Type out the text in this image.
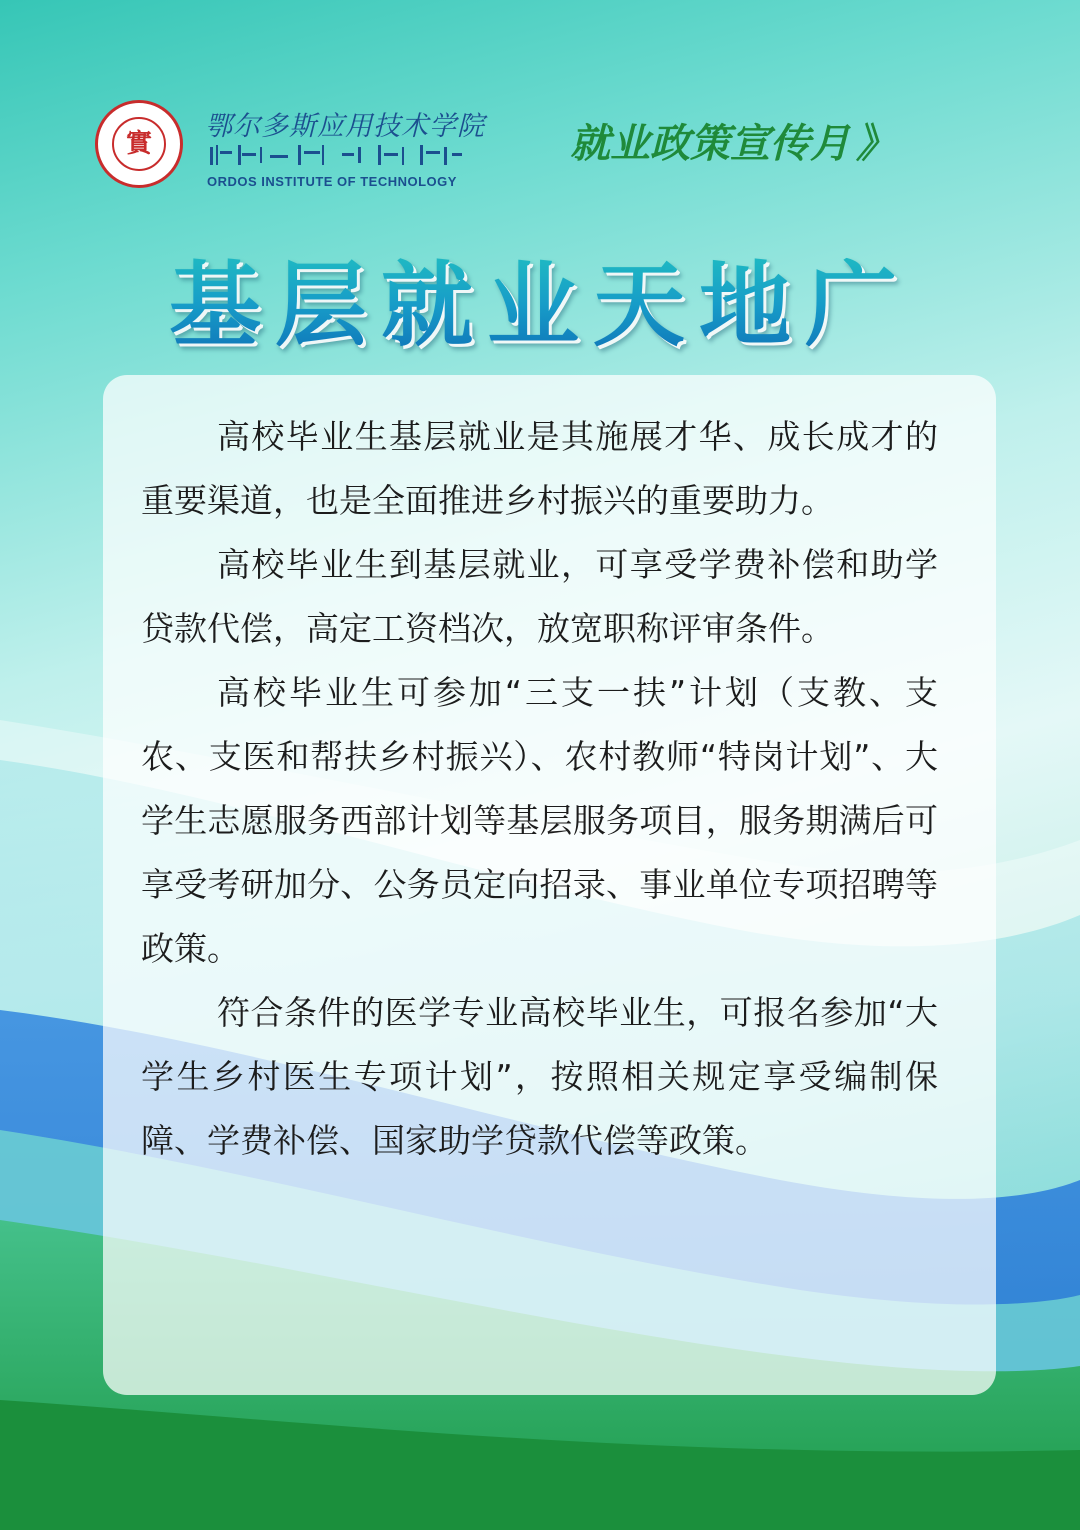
實
鄂尔多斯应用技术学院
ORDOS INSTITUTE OF TECHNOLOGY
就业政策宣传月 》
基层就业天地广

高校毕业生基层就业是其施展才华、成长成才的重要渠道，也是全面推进乡村振兴的重要助力。

高校毕业生到基层就业，可享受学费补偿和助学贷款代偿，高定工资档次，放宽职称评审条件。

高校毕业生可参加“三支一扶”计划（支教、支农、支医和帮扶乡村振兴）、农村教师“特岗计划”、大学生志愿服务西部计划等基层服务项目，服务期满后可享受考研加分、公务员定向招录、事业单位专项招聘等政策。

符合条件的医学专业高校毕业生，可报名参加“大学生乡村医生专项计划”，按照相关规定享受编制保障、学费补偿、国家助学贷款代偿等政策。
